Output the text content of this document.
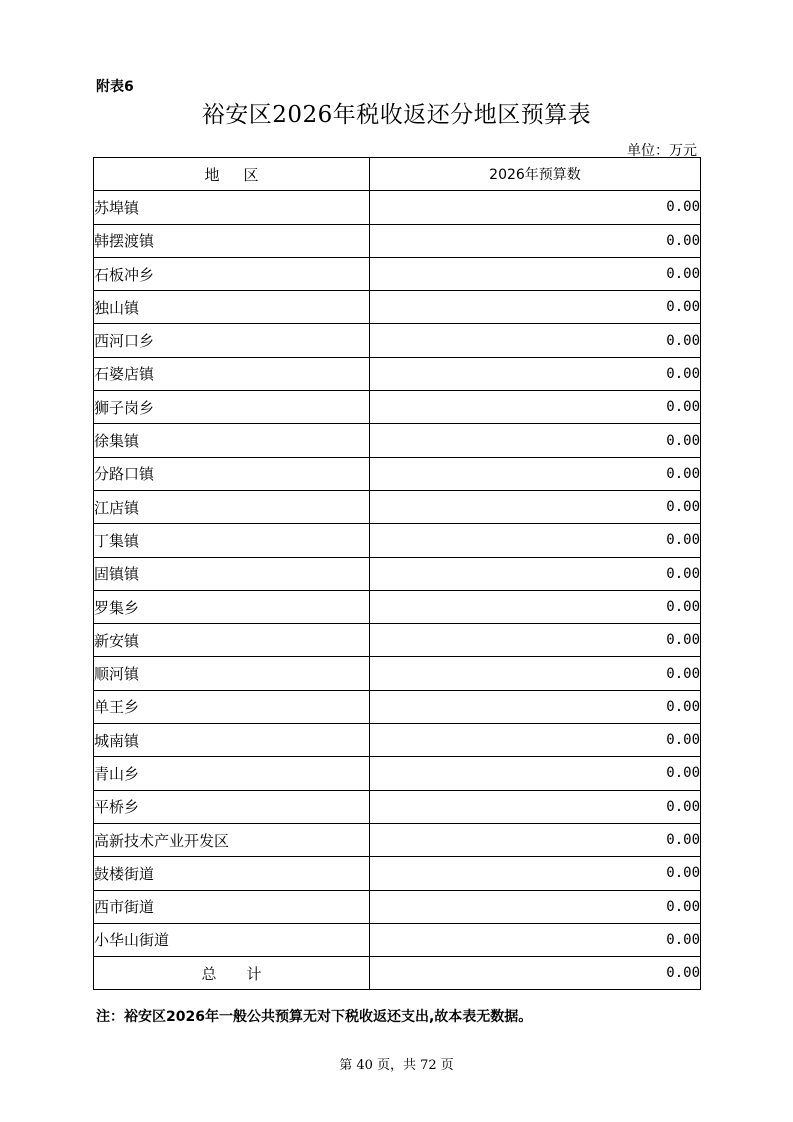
附表6
裕安区2026年税收返还分地区预算表
单位：万元
地区	2026年预算数
苏埠镇	0.00
韩摆渡镇	0.00
石板冲乡	0.00
独山镇	0.00
西河口乡	0.00
石婆店镇	0.00
狮子岗乡	0.00
徐集镇	0.00
分路口镇	0.00
江店镇	0.00
丁集镇	0.00
固镇镇	0.00
罗集乡	0.00
新安镇	0.00
顺河镇	0.00
单王乡	0.00
城南镇	0.00
青山乡	0.00
平桥乡	0.00
高新技术产业开发区	0.00
鼓楼街道	0.00
西市街道	0.00
小华山街道	0.00
总计	0.00
注：裕安区2026年一般公共预算无对下税收返还支出,故本表无数据。
第 40 页，共 72 页
